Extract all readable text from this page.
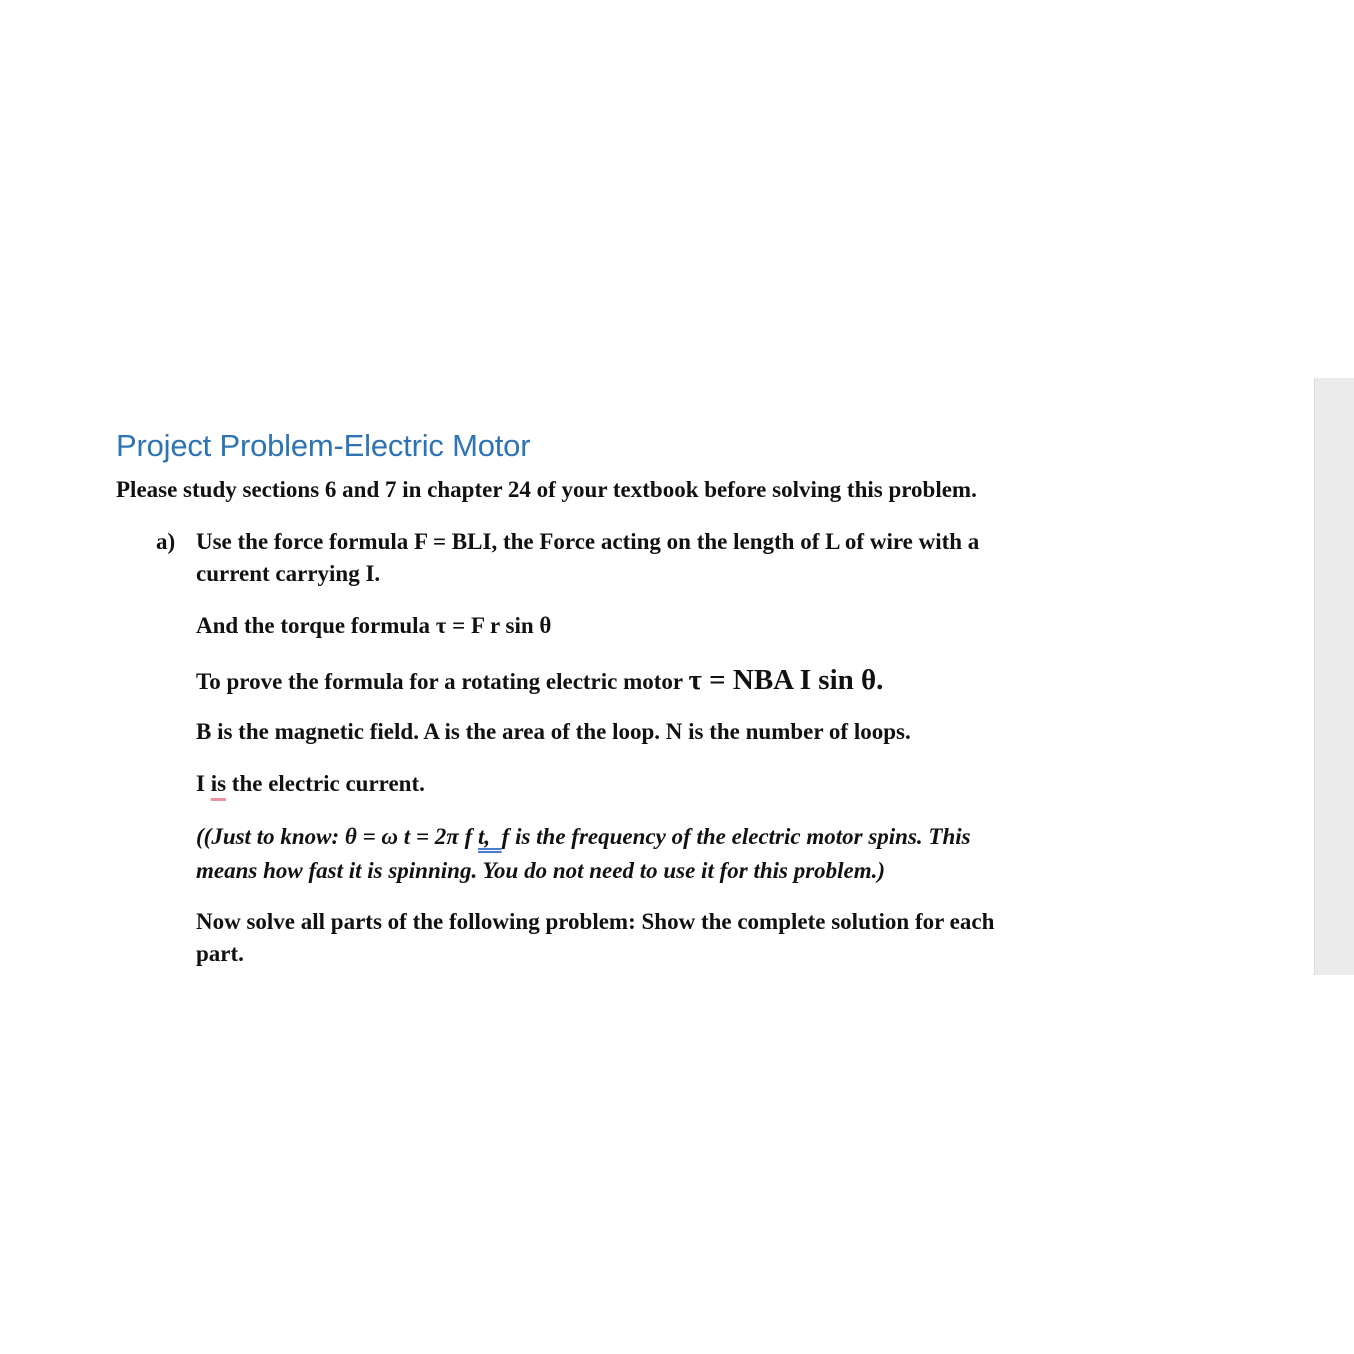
Project Problem-Electric Motor

Please study sections 6 and 7 in chapter 24 of your textbook before solving this problem.

a) Use the force formula F = BLI, the Force acting on the length of L of wire with a
current carrying I.

And the torque formula τ = F r sin θ

To prove the formula for a rotating electric motor τ = NBA I sin θ.

B is the magnetic field. A is the area of the loop. N is the number of loops.

I is the electric current.

((Just to know: θ = ω t = 2π f t,  f is the frequency of the electric motor spins. This
means how fast it is spinning. You do not need to use it for this problem.)

Now solve all parts of the following problem: Show the complete solution for each
part.
